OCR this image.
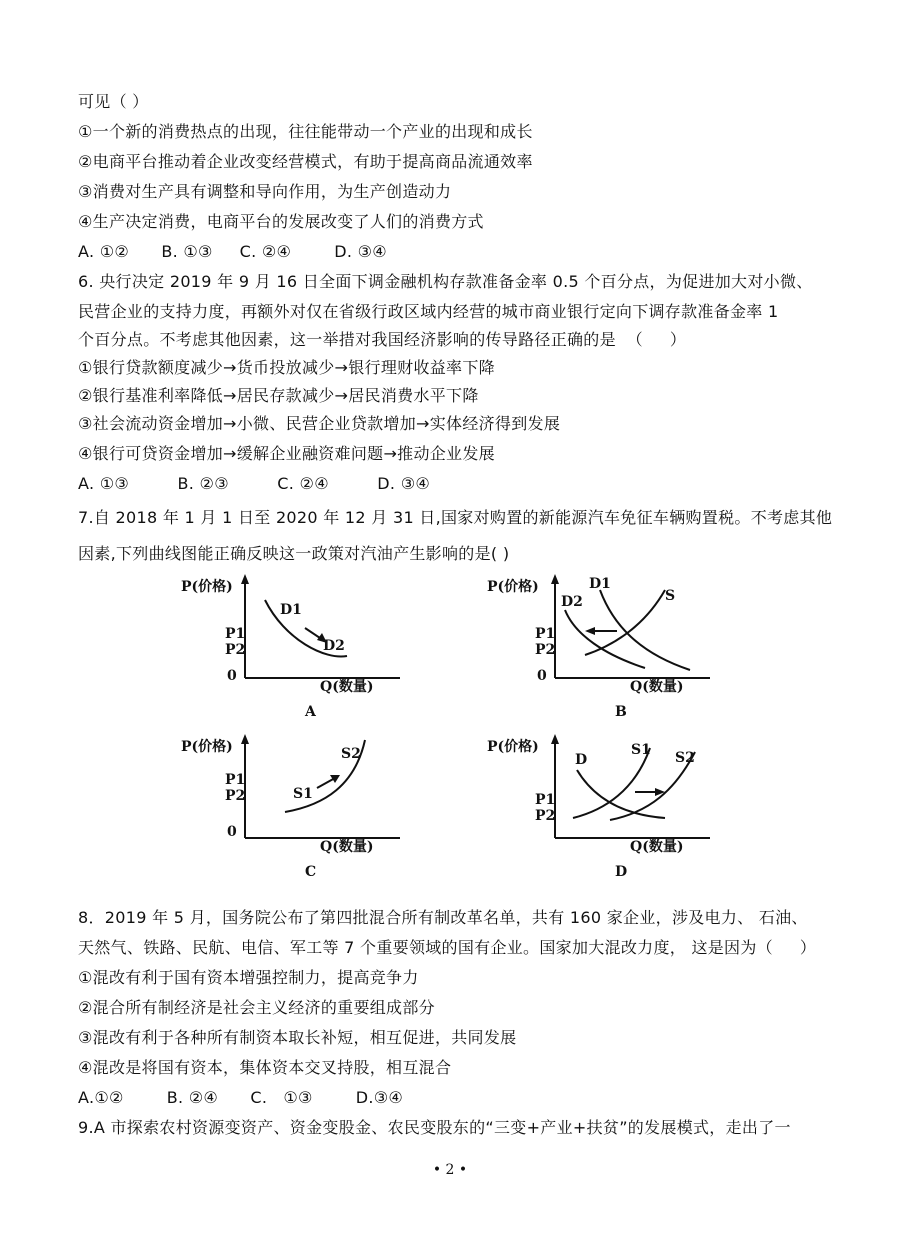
可见（ ）
①一个新的消费热点的出现，往往能带动一个产业的出现和成长
②电商平台推动着企业改变经营模式，有助于提高商品流通效率
③消费对生产具有调整和导向作用，为生产创造动力
④生产决定消费，电商平台的发展改变了人们的消费方式
A. ①②      B. ①③     C. ②④        D. ③④
6. 央行决定 2019 年 9 月 16 日全面下调金融机构存款准备金率 0.5 个百分点，为促进加大对小微、
民营企业的支持力度，再额外对仅在省级行政区域内经营的城市商业银行定向下调存款准备金率 1
个百分点。不考虑其他因素，这一举措对我国经济影响的传导路径正确的是  （     ）
①银行贷款额度减少→货币投放减少→银行理财收益率下降
②银行基准利率降低→居民存款减少→居民消费水平下降
③社会流动资金增加→小微、民营企业贷款增加→实体经济得到发展
④银行可贷资金增加→缓解企业融资难问题→推动企业发展
A. ①③         B. ②③         C. ②④         D. ③④
7.自 2018 年 1 月 1 日至 2020 年 12 月 31 日,国家对购置的新能源汽车免征车辆购置税。不考虑其他
因素,下列曲线图能正确反映这一政策对汽油产生影响的是( )
P(价格)
P1
P2
0
D1
D2
Q(数量)
A
P(价格)
P1
P2
0
D1
D2	S
Q(数量)
B
P(价格)
P1
P2
0
S1
S2
Q(数量)
C
P(价格)
P1
P2
D
S1 S2
Q(数量)
D
8．2019 年 5 月，国务院公布了第四批混合所有制改革名单，共有 160 家企业，涉及电力、 石油、
天然气、铁路、民航、电信、军工等 7 个重要领域的国有企业。国家加大混改力度， 这是因为（     ）
①混改有利于国有资本增强控制力，提高竞争力
②混合所有制经济是社会主义经济的重要组成部分
③混改有利于各种所有制资本取长补短，相互促进，共同发展
④混改是将国有资本，集体资本交叉持股，相互混合
A.①②        B. ②④      C.   ①③        D.③④
9.A 市探索农村资源变资产、资金变股金、农民变股东的“三变+产业+扶贫”的发展模式，走出了一
• 2 •
